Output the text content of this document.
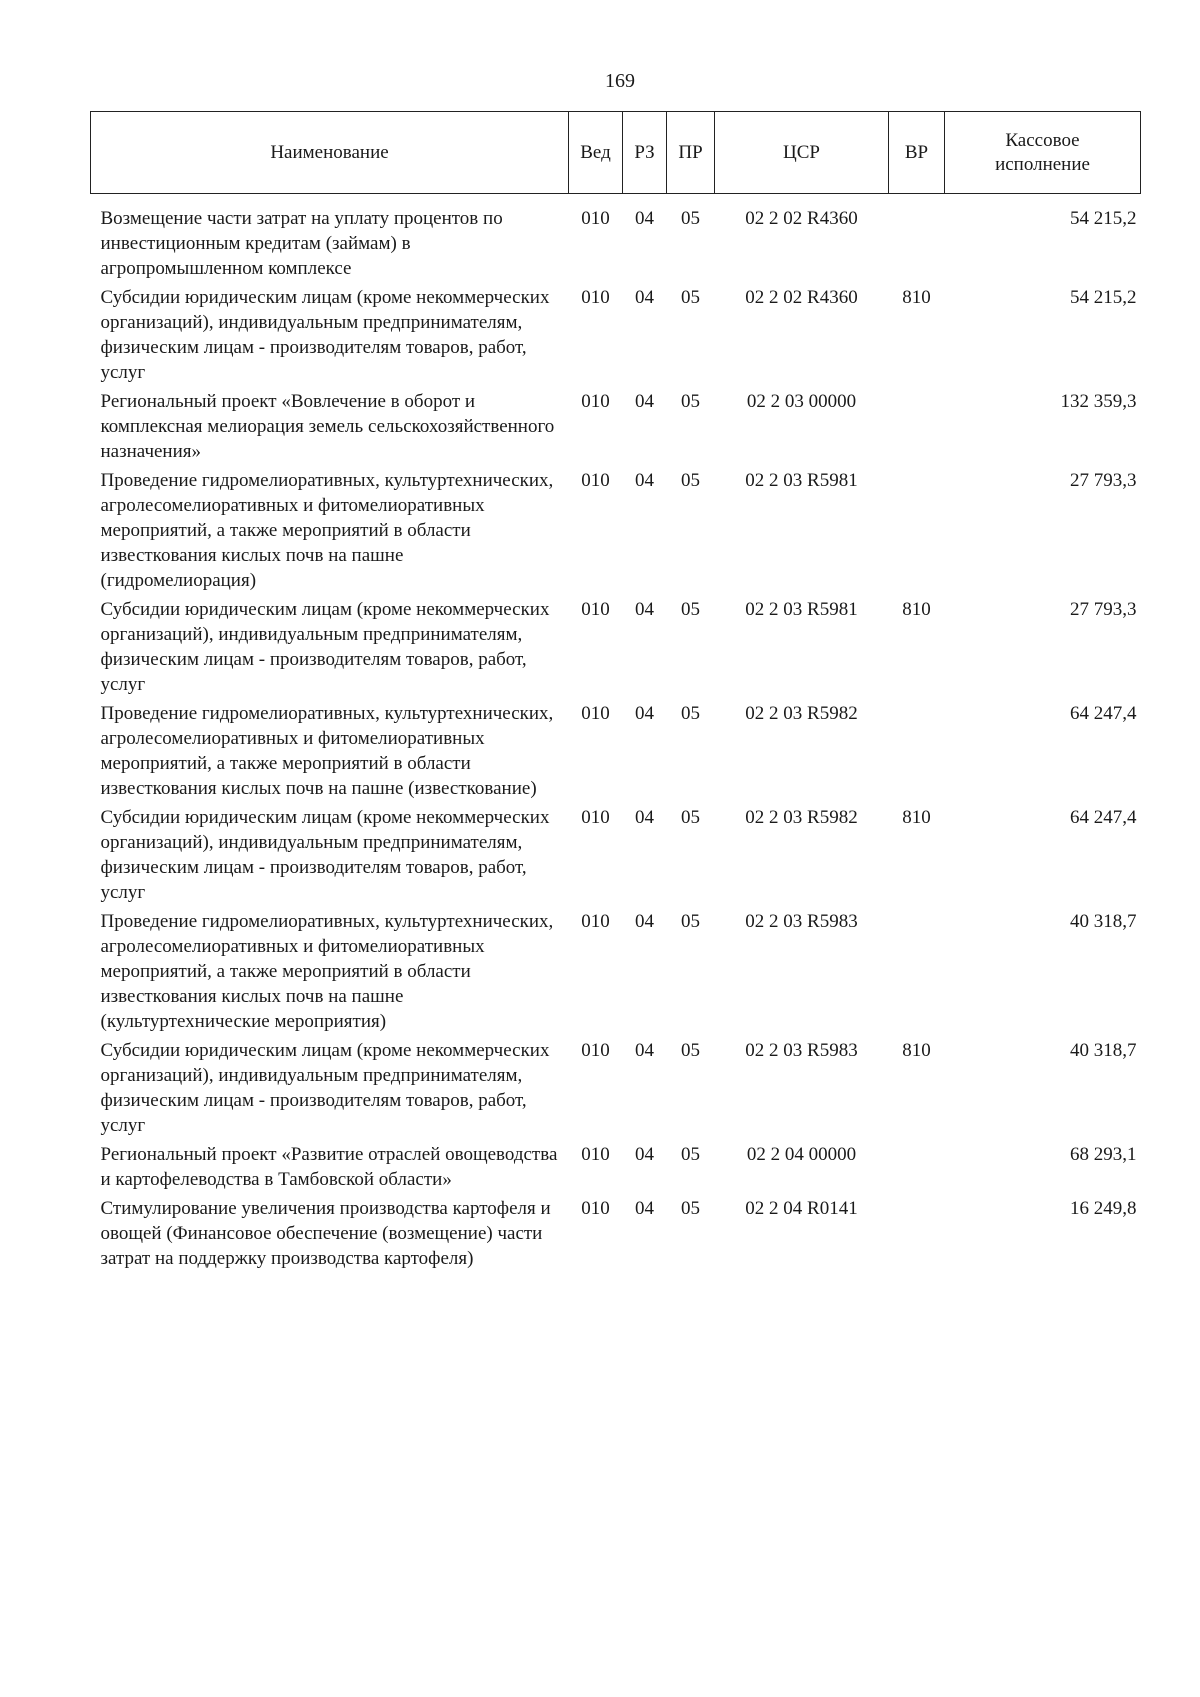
169
Наименование	Вед	РЗ	ПР	ЦСР	ВР	Кассовое
исполнение
Возмещение части затрат на уплату процентов по инвестиционным кредитам (займам) в агропромышленном комплексе	010	04	05	02 2 02 R4360		54 215,2
Субсидии юридическим лицам (кроме некоммерческих организаций), индивидуальным предпринимателям, физическим лицам - производителям товаров, работ, услуг	010	04	05	02 2 02 R4360	810	54 215,2
Региональный проект «Вовлечение в оборот и комплексная мелиорация земель сельскохозяйственного назначения»	010	04	05	02 2 03 00000		132 359,3
Проведение гидромелиоративных, культуртехнических, агролесомелиоративных и фитомелиоративных мероприятий, а также мероприятий в области известкования кислых почв на пашне (гидромелиорация)	010	04	05	02 2 03 R5981		27 793,3
Субсидии юридическим лицам (кроме некоммерческих организаций), индивидуальным предпринимателям, физическим лицам - производителям товаров, работ, услуг	010	04	05	02 2 03 R5981	810	27 793,3
Проведение гидромелиоративных, культуртехнических, агролесомелиоративных и фитомелиоративных мероприятий, а также мероприятий в области известкования кислых почв на пашне (известкование)	010	04	05	02 2 03 R5982		64 247,4
Субсидии юридическим лицам (кроме некоммерческих организаций), индивидуальным предпринимателям, физическим лицам - производителям товаров, работ, услуг	010	04	05	02 2 03 R5982	810	64 247,4
Проведение гидромелиоративных, культуртехнических, агролесомелиоративных и фитомелиоративных мероприятий, а также мероприятий в области известкования кислых почв на пашне (культуртехнические мероприятия)	010	04	05	02 2 03 R5983		40 318,7
Субсидии юридическим лицам (кроме некоммерческих организаций), индивидуальным предпринимателям, физическим лицам - производителям товаров, работ, услуг	010	04	05	02 2 03 R5983	810	40 318,7
Региональный проект «Развитие отраслей овощеводства и картофелеводства в Тамбовской области»	010	04	05	02 2 04 00000		68 293,1
Стимулирование увеличения производства картофеля и овощей (Финансовое обеспечение (возмещение) части затрат на поддержку производства картофеля)	010	04	05	02 2 04 R0141		16 249,8
